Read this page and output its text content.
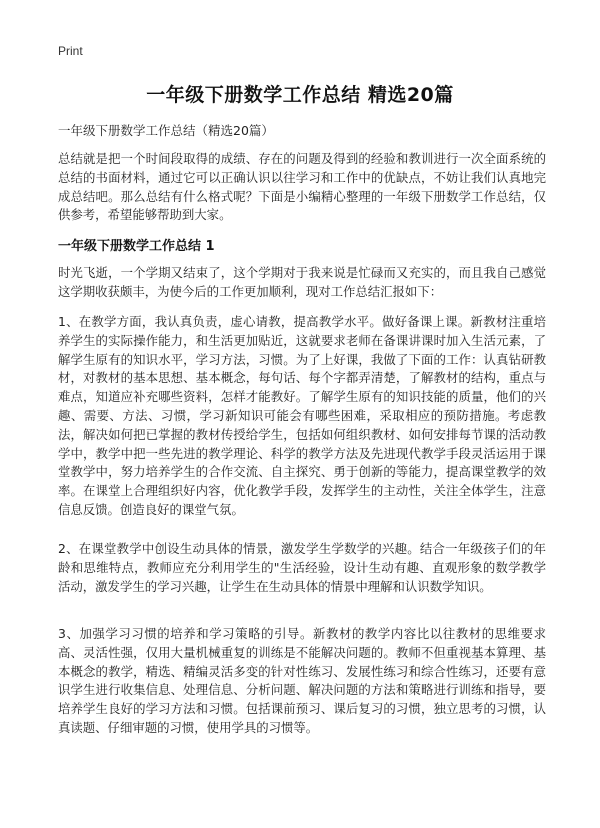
Print
一年级下册数学工作总结 精选20篇

一年级下册数学工作总结（精选20篇）

总结就是把一个时间段取得的成绩、存在的问题及得到的经验和教训进行一次全面系统的总结的书面材料，通过它可以正确认识以往学习和工作中的优缺点，不妨让我们认真地完成总结吧。那么总结有什么格式呢？下面是小编精心整理的一年级下册数学工作总结，仅供参考，希望能够帮助到大家。

一年级下册数学工作总结 1

时光飞逝，一个学期又结束了，这个学期对于我来说是忙碌而又充实的，而且我自己感觉这学期收获颇丰，为使今后的工作更加顺利，现对工作总结汇报如下：

1、在教学方面，我认真负责，虚心请教，提高教学水平。做好备课上课。新教材注重培养学生的实际操作能力，和生活更加贴近，这就要求老师在备课讲课时加入生活元素，了解学生原有的知识水平，学习方法，习惯。为了上好课，我做了下面的工作：认真钻研教材，对教材的基本思想、基本概念，每句话、每个字都弄清楚，了解教材的结构，重点与难点，知道应补充哪些资料，怎样才能教好。了解学生原有的知识技能的质量，他们的兴趣、需要、方法、习惯，学习新知识可能会有哪些困难，采取相应的预防措施。考虑教法，解决如何把已掌握的教材传授给学生，包括如何组织教材、如何安排每节课的活动教学中，教学中把一些先进的教学理论、科学的教学方法及先进现代教学手段灵活运用于课堂教学中，努力培养学生的合作交流、自主探究、勇于创新的等能力，提高课堂教学的效率。在课堂上合理组织好内容，优化教学手段，发挥学生的主动性，关注全体学生，注意信息反馈。创造良好的课堂气氛。

2、在课堂教学中创设生动具体的情景，激发学生学数学的兴趣。结合一年级孩子们的年龄和思维特点，教师应充分利用学生的"生活经验，设计生动有趣、直观形象的数学教学活动，激发学生的学习兴趣，让学生在生动具体的情景中理解和认识数学知识。

3、加强学习习惯的培养和学习策略的引导。新教材的教学内容比以往教材的思维要求高、灵活性强，仅用大量机械重复的训练是不能解决问题的。教师不但重视基本算理、基本概念的教学，精选、精编灵活多变的针对性练习、发展性练习和综合性练习，还要有意识学生进行收集信息、处理信息、分析问题、解决问题的方法和策略进行训练和指导，要培养学生良好的学习方法和习惯。包括课前预习、课后复习的习惯，独立思考的习惯，认真读题、仔细审题的习惯，使用学具的习惯等。
